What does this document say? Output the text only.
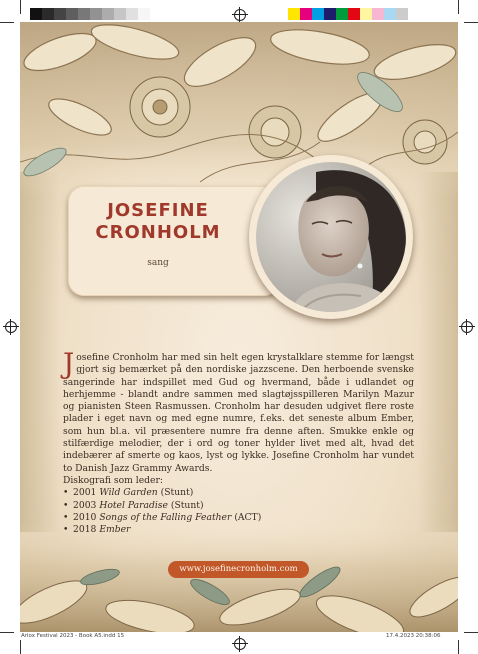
JOSEFINE
CRONHOLM
sang

Josefine Cronholm har med sin helt egen krystalklare stemme for længst gjort sig bemærket på den nordiske jazzscene. Den herboende svenske sangerinde har indspillet med Gud og hvermand, både i udlandet og herhjemme - blandt andre sammen med slagtøjsspilleren Marilyn Mazur og pianisten Steen Rasmussen. Cronholm har desuden udgivet flere roste plader i eget navn og med egne numre, f.eks. det seneste album Ember, som hun bl.a. vil præsentere numre fra denne aften. Smukke enkle og stilfærdige melodier, der i ord og toner hylder livet med alt, hvad det indebærer af smerte og kaos, lyst og lykke. Josefine Cronholm har vundet to Danish Jazz Grammy Awards.

Diskografi som leder:

• 2001 Wild Garden (Stunt)
• 2003 Hotel Paradise (Stunt)
• 2010 Songs of the Falling Feather (ACT)
• 2018 Ember
www.josefinecronholm.com
Arlox Festival 2023 - Book A5.indd 15	17.4.2023 20:38:06
